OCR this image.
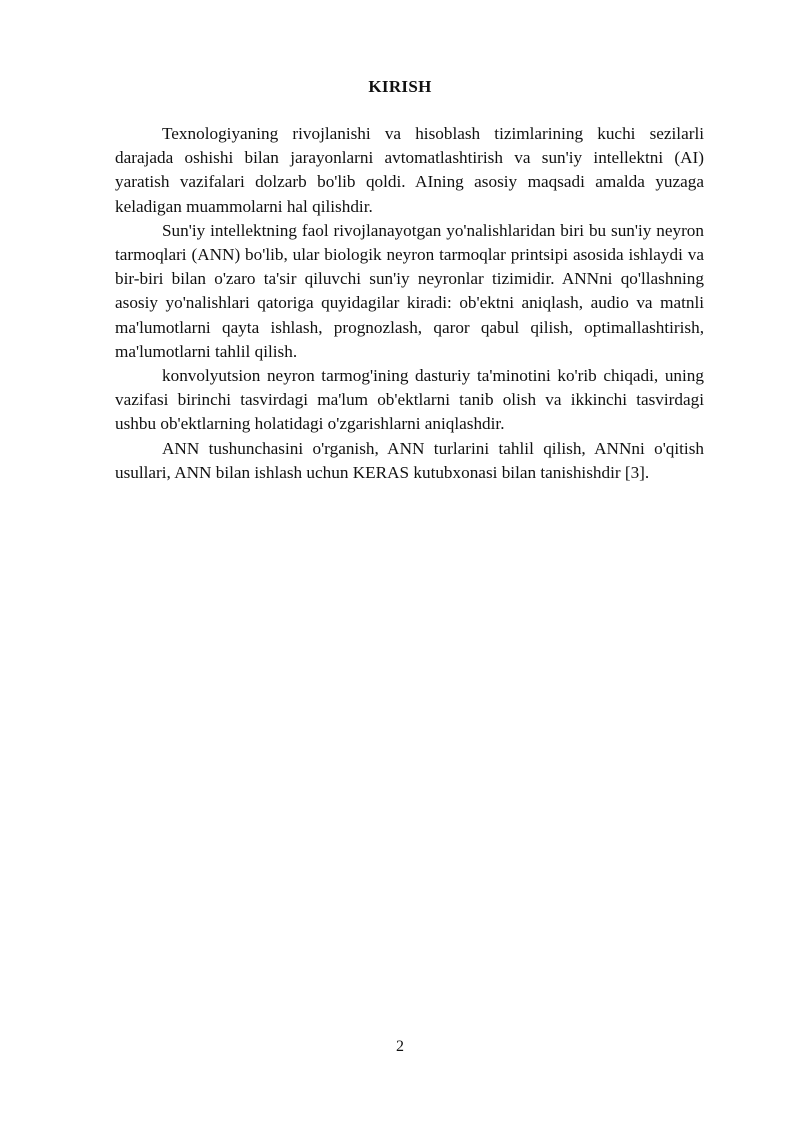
KIRISH

Texnologiyaning rivojlanishi va hisoblash tizimlarining kuchi sezilarli darajada oshishi bilan jarayonlarni avtomatlashtirish va sun'iy intellektni (AI) yaratish vazifalari dolzarb bo'lib qoldi. AIning asosiy maqsadi amalda yuzaga keladigan muammolarni hal qilishdir.

Sun'iy intellektning faol rivojlanayotgan yo'nalishlaridan biri bu sun'iy neyron tarmoqlari (ANN) bo'lib, ular biologik neyron tarmoqlar printsipi asosida ishlaydi va bir-biri bilan o'zaro ta'sir qiluvchi sun'iy neyronlar tizimidir. ANNni qo'llashning asosiy yo'nalishlari qatoriga quyidagilar kiradi: ob'ektni aniqlash, audio va matnli ma'lumotlarni qayta ishlash, prognozlash, qaror qabul qilish, optimallashtirish, ma'lumotlarni tahlil qilish.

konvolyutsion neyron tarmog'ining dasturiy ta'minotini ko'rib chiqadi, uning vazifasi birinchi tasvirdagi ma'lum ob'ektlarni tanib olish va ikkinchi tasvirdagi ushbu ob'ektlarning holatidagi o'zgarishlarni aniqlashdir.

ANN tushunchasini o'rganish, ANN turlarini tahlil qilish, ANNni o'qitish usullari, ANN bilan ishlash uchun KERAS kutubxonasi bilan tanishishdir [3].

2
